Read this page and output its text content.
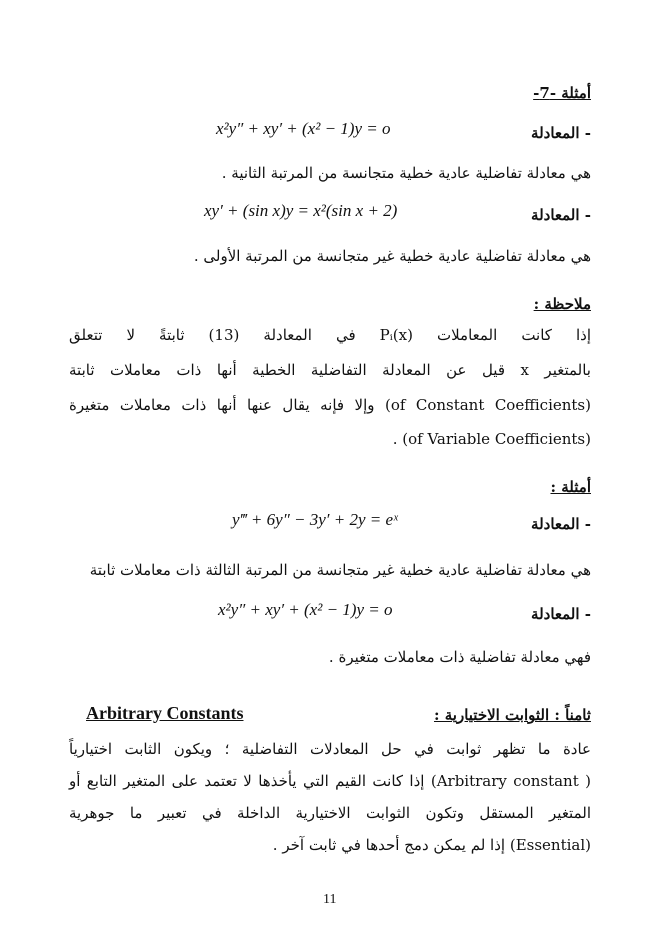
أمثلة -7-
- المعادلة
x²y″ + xy′ + (x² − 1)y = o
هي معادلة تفاضلية عادية خطية متجانسة من المرتبة الثانية .
- المعادلة
xy′ + (sin x)y = x²(sin x + 2)
هي معادلة تفاضلية عادية خطية غير متجانسة من المرتبة الأولى .
ملاحظة :
إذا كانت المعاملات Pᵢ(x) في المعادلة (13) ثابتةً لا تتعلق
بالمتغير x قيل عن المعادلة التفاضلية الخطية أنها ذات معاملات ثابتة
(of Constant Coefficients) وإلا فإنه يقال عنها أنها ذات معاملات متغيرة
(of Variable Coefficients) .
أمثلة :
- المعادلة
y‴ + 6y″ − 3y′ + 2y = eˣ
هي معادلة تفاضلية عادية خطية غير متجانسة من المرتبة الثالثة ذات معاملات ثابتة
- المعادلة
x²y″ + xy′ + (x² − 1)y = o
فهي معادلة تفاضلية ذات معاملات متغيرة .
ثامناً : الثوابت الاختيارية :
Arbitrary Constants
عادة ما تظهر ثوابت في حل المعادلات التفاضلية ؛ ويكون الثابت اختيارياً
( Arbitrary constant) إذا كانت القيم التي يأخذها لا تعتمد على المتغير التابع أو
المتغير المستقل وتكون الثوابت الاختيارية الداخلة في تعبير ما جوهرية
(Essential) إذا لم يمكن دمج أحدها في ثابت آخر .
11
